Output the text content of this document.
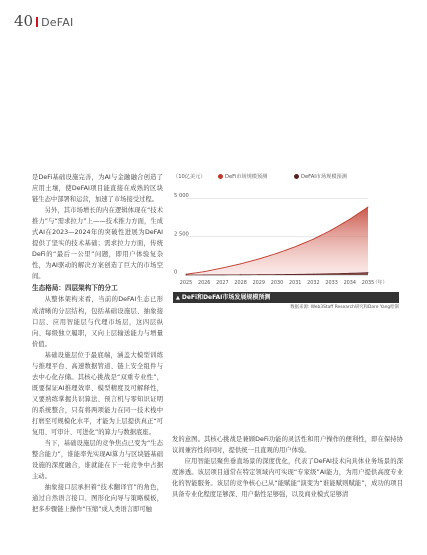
40 DeFAI

是DeFi基础设施完善，为AI与金融融合创造了应用土壤，使DeFAI项目能直接在成熟的区块链生态中部署和运营，加速了市场接受过程。

另外，其市场增长的内在逻辑体现在“技术推力”与“需求拉力”上——技术推力方面，生成式AI在2023—2024年的突破性进展为DeFAI提供了坚实的技术基础；需求拉力方面，传统DeFi的“最后一公里”问题，即用户体验复杂性，为AI驱动的解决方案创造了巨大的市场空间。

生态格局：四层架构下的分工

从整体架构来看，当前的DeFAI生态已形成清晰的分层结构，包括基础设施层、抽象接口层、应用智能层与代理市场层，这四层纵向、每级独立履职，又向上层输送能力与增量价值。

基础设施层位于最底端，涵盖大模型训练与推理平台、高速数据管道、链上安全组件与去中心化存储。其核心挑战是“双重专业性”，既要保证AI推理效率、模型精度及可解释性，又要熟练掌握共识算法、预言机与零知识证明的系统整合，只有将两项能力在同一技术栈中打磨至可规模化水平，才能为上层提供真正“可复用、可审计、可进化”的算力与数据底座。

当下，基础设施层的竞争焦点已变为“生态整合能力”，谁能率先实现AI算力与区块链基础设施的深度融合，谁就能在下一轮竞争中占据主动。

抽象接口层承担着“技术翻译官”的角色，通过自然语言接口、图形化向导与策略模板，把多步骤链上操作“压缩”成人类语言即可触

（10亿美元）	DeFi市场规模预测	DeFAI市场规模预测
5 000
2 500
0
2025 2026 2027 2028 2029 2030 2031 2032 2033 2034 2035
（年）
▲ DeFi和DeFAI市场发展规模预测
数据来源: Web3Staff Research研究和Dare Yang绘制

发的意图。其核心挑战是兼顾DeFi功能的灵活性和用户操作的便利性，即在保持协议间兼容性的同时，提供统一且直观的用户体验。

应用智能层聚焦垂直场景的深度优化，代表了DeFAI技术向具体业务场景的深度渗透。该层项目通常在特定领域内可实现“专家级”AI能力，为用户提供高度专业化的智能服务。该层的竞争核心已从“能赋能”演变为“谁能赋则赋能”，成功的项目具备专业化程度足够深、用户黏性足够强，以及商业模式足够清
